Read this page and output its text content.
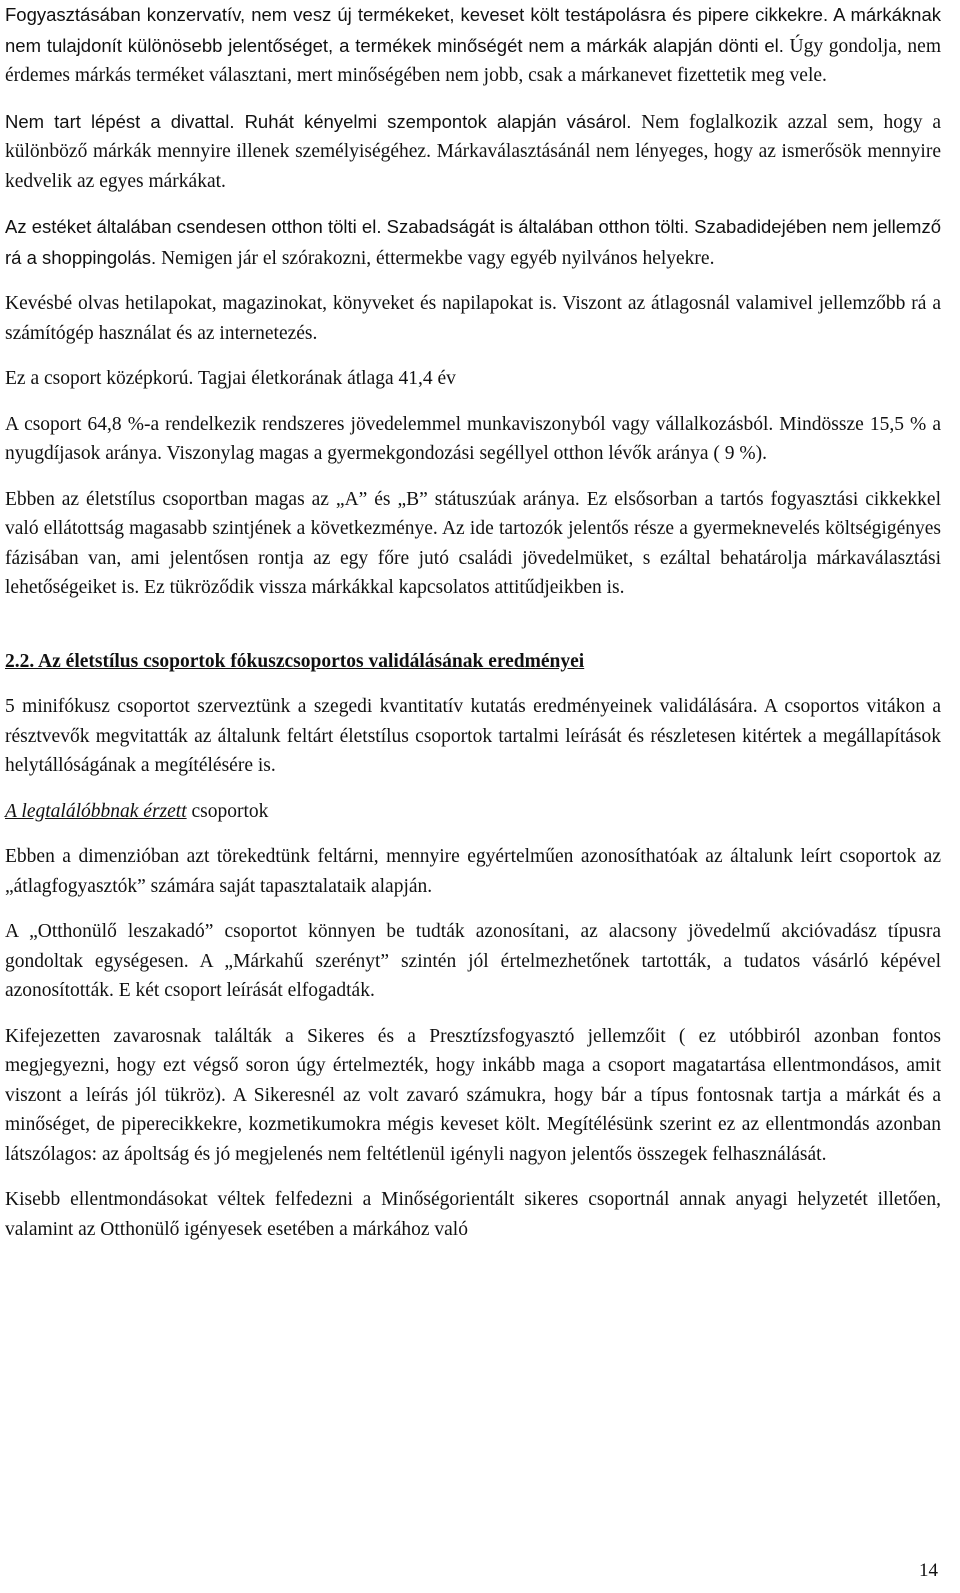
Fogyasztásában konzervatív, nem vesz új termékeket, keveset költ testápolásra és pipere cikkekre. A márkáknak nem tulajdonít különösebb jelentőséget, a termékek minőségét nem a márkák alapján dönti el. Úgy gondolja, nem érdemes márkás terméket választani, mert minőségében nem jobb, csak a márkanevet fizettetik meg vele.

Nem tart lépést a divattal. Ruhát kényelmi szempontok alapján vásárol. Nem foglalkozik azzal sem, hogy a különböző márkák mennyire illenek személyiségéhez. Márkaválasztásánál nem lényeges, hogy az ismerősök mennyire kedvelik az egyes márkákat.

Az estéket általában csendesen otthon tölti el. Szabadságát is általában otthon tölti. Szabadidejében nem jellemző rá a shoppingolás. Nemigen jár el szórakozni, éttermekbe vagy egyéb nyilvános helyekre.

Kevésbé olvas hetilapokat, magazinokat, könyveket és napilapokat is. Viszont az átlagosnál valamivel jellemzőbb rá a számítógép használat és az internetezés.

Ez a csoport középkorú. Tagjai életkorának átlaga 41,4 év

A csoport 64,8 %-a rendelkezik rendszeres jövedelemmel munkaviszonyból vagy vállalkozásból. Mindössze 15,5 % a nyugdíjasok aránya. Viszonylag magas a gyermekgondozási segéllyel otthon lévők aránya ( 9 %).

Ebben az életstílus csoportban magas az „A” és „B” státuszúak aránya. Ez elsősorban a tartós fogyasztási cikkekkel való ellátottság magasabb szintjének a következménye. Az ide tartozók jelentős része a gyermeknevelés költségigényes fázisában van, ami jelentősen rontja az egy főre jutó családi jövedelmüket, s ezáltal behatárolja márkaválasztási lehetőségeiket is. Ez tükröződik vissza márkákkal kapcsolatos attitűdjeikben is.

2.2. Az életstílus csoportok fókuszcsoportos validálásának eredményei

5 minifókusz csoportot szerveztünk a szegedi kvantitatív kutatás eredményeinek validálására. A csoportos vitákon a résztvevők megvitatták az általunk feltárt életstílus csoportok tartalmi leírását és részletesen kitértek a megállapítások helytállóságának a megítélésére is.

A legtalálóbbnak érzett csoportok

Ebben a dimenzióban azt törekedtünk feltárni, mennyire egyértelműen azonosíthatóak az általunk leírt csoportok az „átlagfogyasztók” számára saját tapasztalataik alapján.

A „Otthonülő leszakadó” csoportot könnyen be tudták azonosítani, az alacsony jövedelmű akcióvadász típusra gondoltak egységesen. A „Márkahű szerényt” szintén jól értelmezhetőnek tartották, a tudatos vásárló képével azonosították. E két csoport leírását elfogadták.

Kifejezetten zavarosnak találták a Sikeres és a Presztízsfogyasztó jellemzőit ( ez utóbbiról azonban fontos megjegyezni, hogy ezt végső soron úgy értelmezték, hogy inkább maga a csoport magatartása ellentmondásos, amit viszont a leírás jól tükröz). A Sikeresnél az volt zavaró számukra, hogy bár a típus fontosnak tartja a márkát és a minőséget, de piperecikkekre, kozmetikumokra mégis keveset költ. Megítélésünk szerint ez az ellentmondás azonban látszólagos: az ápoltság és jó megjelenés nem feltétlenül igényli nagyon jelentős összegek felhasználását.

Kisebb ellentmondásokat véltek felfedezni a Minőségorientált sikeres csoportnál annak anyagi helyzetét illetően, valamint az Otthonülő igényesek esetében a márkához való

14
